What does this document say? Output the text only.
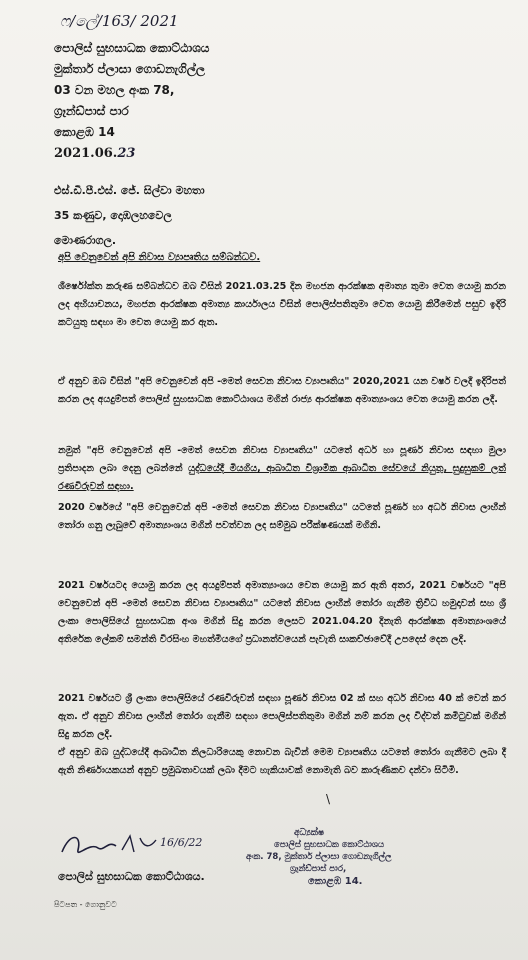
ෆ/ලේ/163/ 2021
පොලිස් සුභසාධක කොට්ඨාශය
මුක්තාර් ප්ලාසා ගොඩනැගිල්ල
03 වන මහල අංක 78,
ග්‍රෑන්ඩ්පාස් පාර
කොළඹ 14
2021.06.23
එස්.ඩී.පී.එස්. ජේ. සිල්වා මහතා
35 කණුව, දොඹලහවෙල
මොණරාගල.
අපි වෙනුවෙන් අපි නිවාස ව්‍යාපෘතිය සම්බන්ධව.
ශීර්ෂෝක්ත කරුණ සම්බන්ධව ඔබ විසින් 2021.03.25 දින මහජන ආරක්ෂක අමාත්‍ය තුමා වෙත යොමු කරන ලද අභියාචනය, මහජන ආරක්ෂක අමාත්‍ය කාර්යාලය විසින් පොලිස්පතිතුමා වෙත යොමු කිරීමෙන් පසුව ඉදිරි කටයුතු සඳහා මා වෙත යොමු කර ඇත.
ඒ අනුව ඔබ විසින් "අපි වෙනුවෙන් අපි -මෙත් සෙවන නිවාස ව්‍යාපෘතිය" 2020,2021 යන වර්ෂ වලදී ඉදිරිපත් කරන ලද අයදුම්පත් පොලිස් සුභසාධක කොට්ඨාශය මගින් රාජ්‍ය ආරක්ෂක අමාත්‍යාංශය වෙත යොමු කරන ලදී.
නමුත් "අපි වෙනුවෙන් අපි -මෙත් සෙවන නිවාස ව්‍යාපෘතිය" යටතේ අර්ධ හා පූර්ණ නිවාස සඳහා මුලා ප්‍රතිපාදන ලබා දෙනු ලබන්නේ යුද්ධයේදී මියගිය, ආබාධිත විශ්‍රාමික ආබාධිත සේවයේ නියුතු, සුදුසුකම් ලත් රණවිරුවන් සඳහා.
2020 වර්ෂයේ "අපි වෙනුවෙන් අපි -මෙත් සෙවන නිවාස ව්‍යාපෘතිය" යටතේ පූර්ණ හා අර්ධ නිවාස ලාභීන් තෝරා ගනු ලැබුවේ අමාත්‍යාංශය මගින් පවත්වන ලද සම්මුඛ පරීක්ෂණයක් මගිනි.
2021 වර්ෂයටද යොමු කරන ලද අයදුම්පත් අමාත්‍යාංශය වෙත යොමු කර ඇති අතර, 2021 වර්ෂයට "අපි වෙනුවෙන් අපි -මෙත් සෙවන නිවාස ව්‍යාපෘතිය" යටතේ නිවාස ලාභීන් තෝරා ගැනීම ත්‍රිවිධ හමුදාවන් සහ ශ්‍රී ලංකා පොලිසියේ සුභසාධක අංශ මගින් සිදු කරන ලෙසට 2021.04.20 දිනැති ආරක්ෂක අමාත්‍යාංශයේ අතිරේක ලේකම් සමන්ති වීරසිංහ මහත්මියගේ ප්‍රධානත්වයෙන් පැවැති සාකච්ඡාවේදී උපදෙස් දෙන ලදි.
2021 වර්ෂයට ශ්‍රී ලංකා පොලිසියේ රණවිරුවන් සඳහා පූර්ණ නිවාස 02 ක් සහ අර්ධ නිවාස 40 ක් වෙන් කර ඇත. ඒ අනුව නිවාස ලාභීන් තෝරා ගැනීම සඳහා පොලිස්පතිතුමා මගින් නම් කරන ලද විද්වත් කමිටුවක් මගින් සිදු කරන ලදි.
ඒ අනුව ඔබ යුද්ධයේදී ආබාධිත නිලධාරියෙකු නොවන බැවින් මෙම ව්‍යාපෘතිය යටතේ තෝරා ගැනීමට ලබා දී ඇති නිර්ණායකයන් අනුව ප්‍රමුඛතාවයක් ලබා දීමට හැකියාවක් නොමැති බව කාරුණිකව දන්වා සිටිමි.
\
16/6/22
පොලිස් සුභසාධක කොට්ඨාශය.
අධ්‍යක්ෂ
පොලිස් සුභසාධක කොට්ඨාශය
අංක. 78, මුක්තාර් ප්ලාසා ගොඩනැගිල්ල
ග්‍රෑන්ඩ්පාස් පාර,
කොළඹ 14.
පිටපත - ගොනුවට
